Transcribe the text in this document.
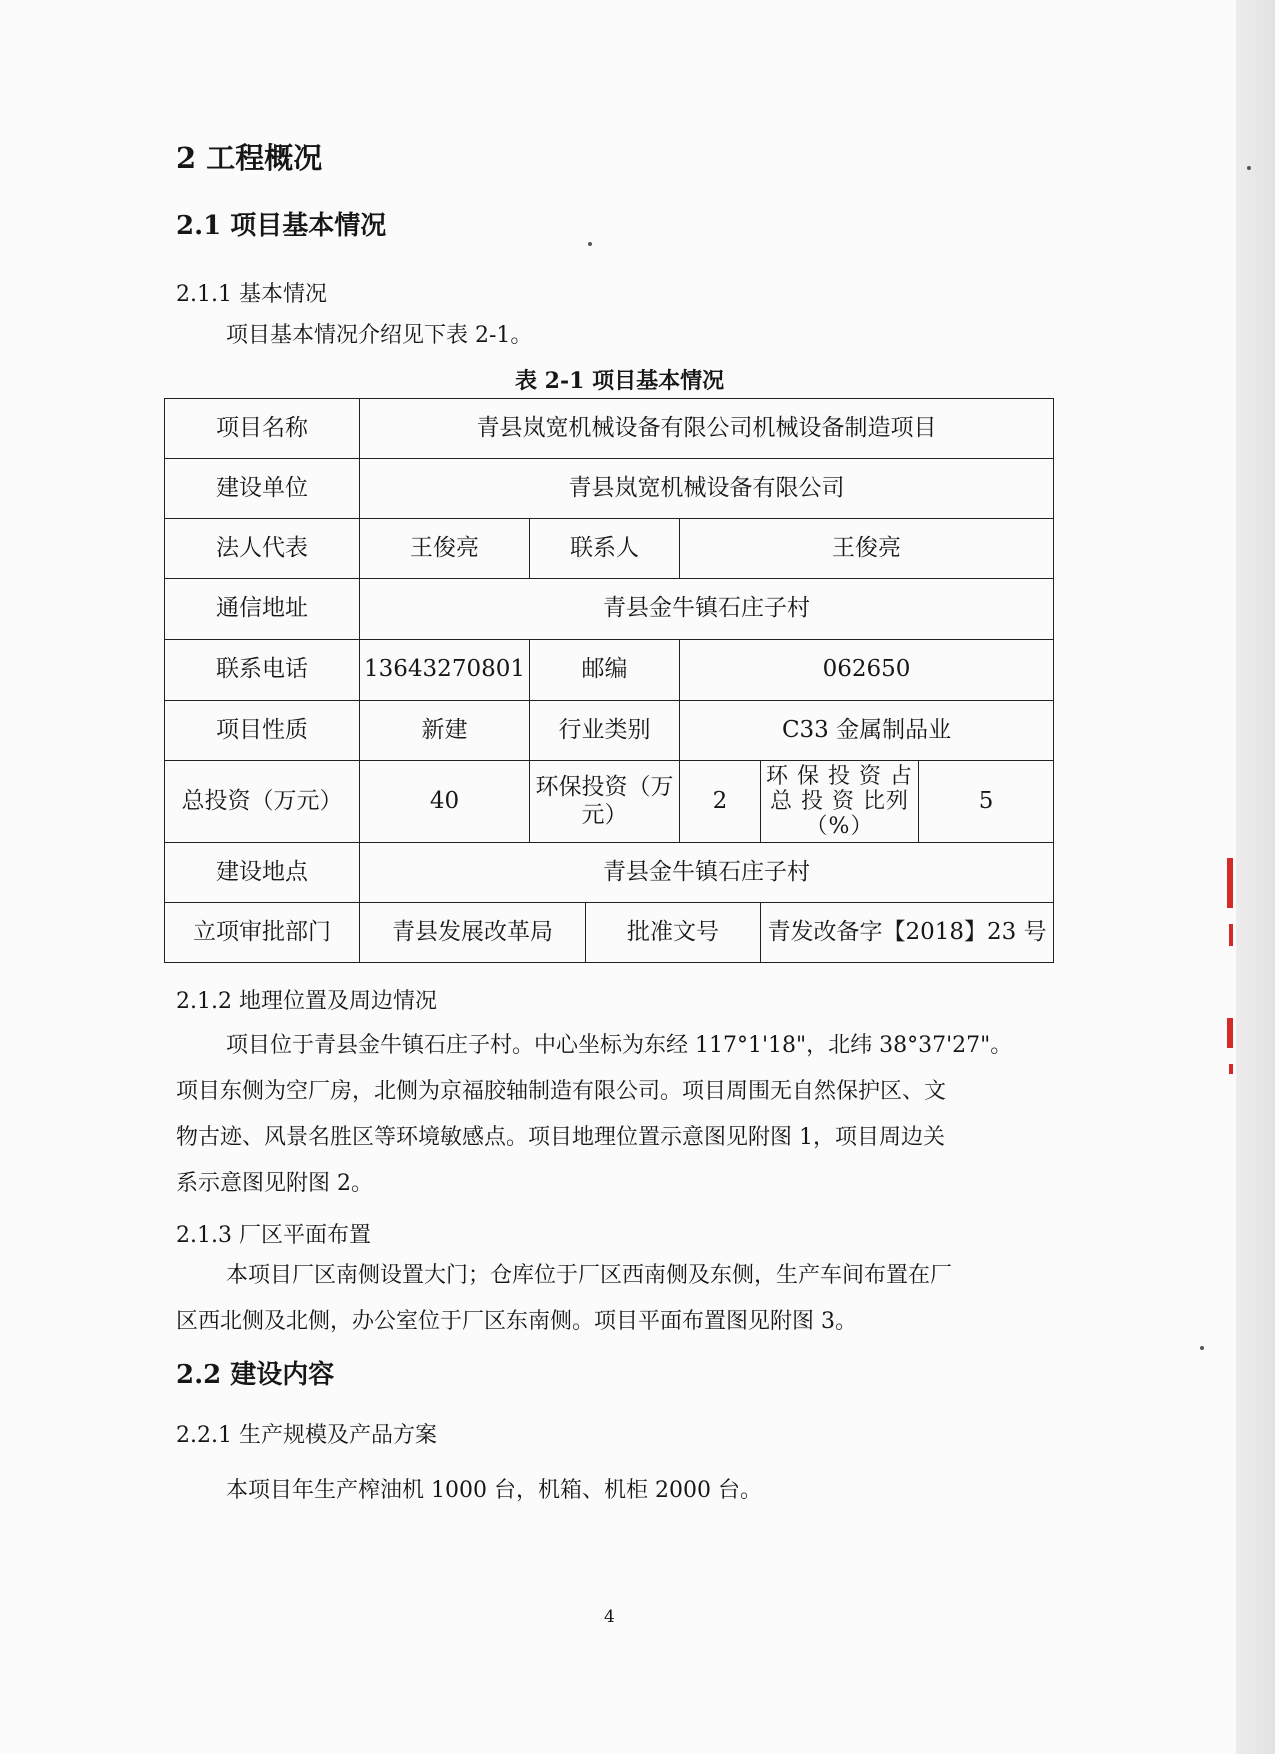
2 工程概况
2.1 项目基本情况
2.1.1 基本情况
项目基本情况介绍见下表 2-1。
表 2-1 项目基本情况
项目名称	青县岚宽机械设备有限公司机械设备制造项目					
建设单位	青县岚宽机械设备有限公司					
法人代表	王俊亮	联系人		王俊亮		
通信地址	青县金牛镇石庄子村					
联系电话	13643270801	邮编		062650		
项目性质	新建	行业类别		C33 金属制品业		
总投资（万元）	40	环保投资（万元）		2	环 保 投 资 占 总 投 资 比列（%）	5
建设地点	青县金牛镇石庄子村					
立项审批部门	青县发展改革局		批准文号		青发改备字【2018】23 号	
2.1.2 地理位置及周边情况
项目位于青县金牛镇石庄子村。中心坐标为东经 117°1'18"，北纬 38°37'27"。
项目东侧为空厂房，北侧为京福胶轴制造有限公司。项目周围无自然保护区、文
物古迹、风景名胜区等环境敏感点。项目地理位置示意图见附图 1，项目周边关
系示意图见附图 2。
2.1.3 厂区平面布置
本项目厂区南侧设置大门；仓库位于厂区西南侧及东侧，生产车间布置在厂
区西北侧及北侧，办公室位于厂区东南侧。项目平面布置图见附图 3。
2.2 建设内容
2.2.1 生产规模及产品方案
本项目年生产榨油机 1000 台，机箱、机柜 2000 台。
4
